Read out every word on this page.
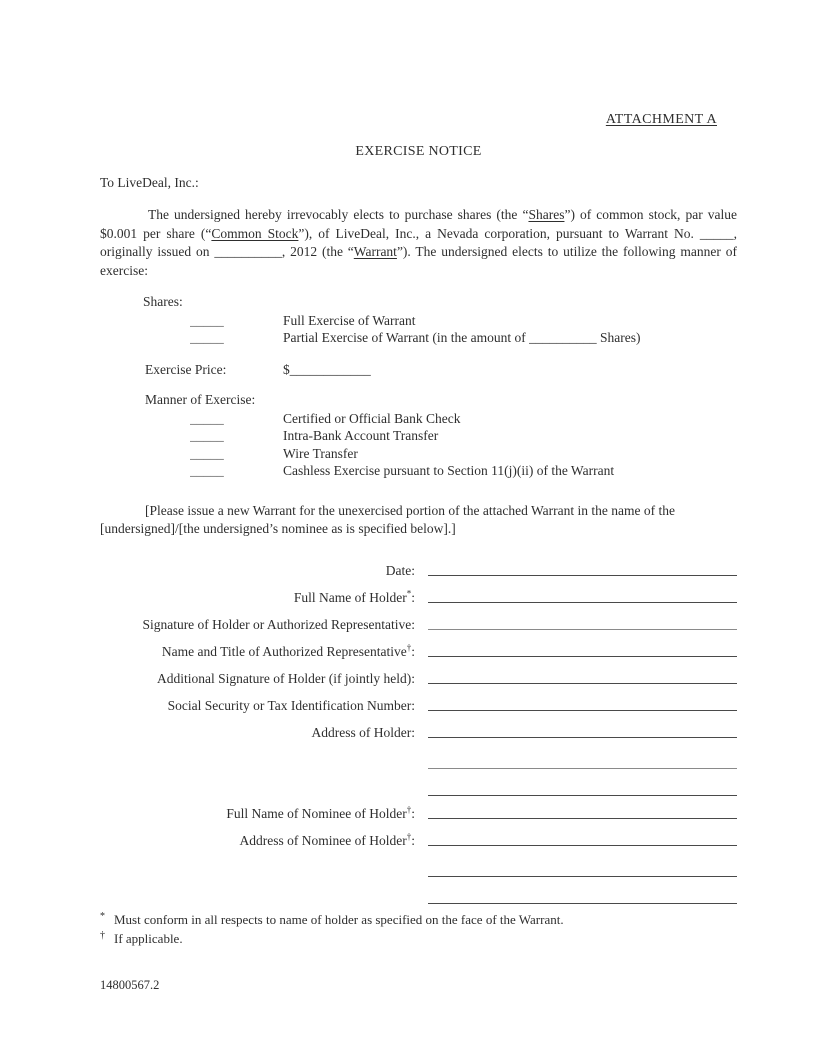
ATTACHMENT A
EXERCISE NOTICE
To LiveDeal, Inc.:

The undersigned hereby irrevocably elects to purchase shares (the “Shares”) of common stock, par value $0.001 per share (“Common Stock”), of LiveDeal, Inc., a Nevada corporation, pursuant to Warrant No. _____, originally issued on __________, 2012 (the “Warrant”). The undersigned elects to utilize the following manner of exercise:

Shares:
_____	Full Exercise of Warrant
_____	Partial Exercise of Warrant (in the amount of __________ Shares)
Exercise Price:	$____________
Manner of Exercise:
_____	Certified or Official Bank Check
_____	Intra-Bank Account Transfer
_____	Wire Transfer
_____	Cashless Exercise pursuant to Section 11(j)(ii) of the Warrant

[Please issue a new Warrant for the unexercised portion of the attached Warrant in the name of the [undersigned]/[the undersigned’s nominee as is specified below].]

Date:
Full Name of Holder*:
Signature of Holder or Authorized Representative:
Name and Title of Authorized Representative†:
Additional Signature of Holder (if jointly held):
Social Security or Tax Identification Number:
Address of Holder:
Full Name of Nominee of Holder†:
Address of Nominee of Holder†:
* Must conform in all respects to name of holder as specified on the face of the Warrant.
† If applicable.
14800567.2
